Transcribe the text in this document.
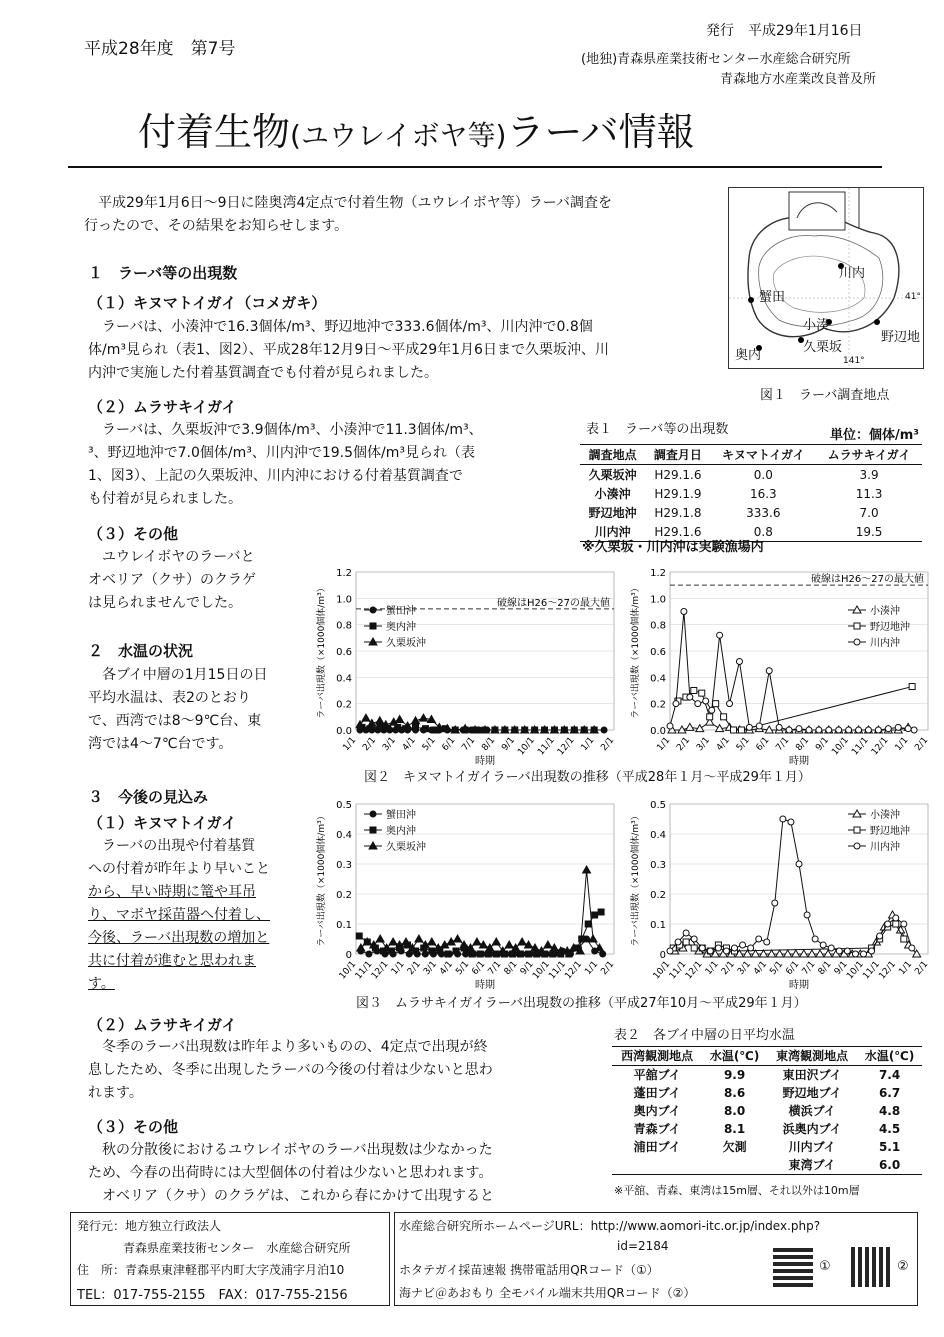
平成28年度　第7号
発行　平成29年1月16日
(地独)青森県産業技術センター水産総合研究所
青森地方水産業改良普及所
付着生物(ユウレイボヤ等)ラーバ情報
　平成29年1月6日～9日に陸奥湾4定点で付着生物（ユウレイボヤ等）ラーバ調査を
行ったので、その結果をお知らせします。
川内
蟹田
小湊
野辺地
奥内
久栗坂
41°
141°
図１　ラーバ調査地点
１　ラーバ等の出現数
（１）キヌマトイガイ（コメガキ）
　ラーバは、小湊沖で16.3個体/m³、野辺地沖で333.6個体/m³、川内沖で0.8個
体/m³見られ（表1、図2）、平成28年12月9日～平成29年1月6日まで久栗坂沖、川
内沖で実施した付着基質調査でも付着が見られました。
（２）ムラサキイガイ
　ラーバは、久栗坂沖で3.9個体/m³、小湊沖で11.3個体/m³、
³、野辺地沖で7.0個体/m³、川内沖で19.5個体/m³見られ（表
1、図3）、上記の久栗坂沖、川内沖における付着基質調査で
も付着が見られました。
（３）その他
　ユウレイボヤのラーバと
オベリア（クサ）のクラゲ
は見られませんでした。
表１　ラーバ等の出現数	単位：個体/m³
調査地点	調査月日	キヌマトイガイ	ムラサキイガイ
久栗坂沖	H29.1.6	0.0	3.9
小湊沖	H29.1.9	16.3	11.3
野辺地沖	H29.1.8	333.6	7.0
川内沖	H29.1.6	0.8	19.5
※久栗坂・川内沖は実験漁場内
２　水温の状況
　各ブイ中層の1月15日の日
平均水温は、表2のとおり
で、西湾では8～9℃台、東
湾では4～7℃台です。
0.0
0.2
0.4
0.6
0.8
1.0
1.2
1/1 2/1 3/1 4/1 5/1 6/1 7/1 8/1 9/1 10/1 11/1 12/1 1/1 2/1
時期
ラーバ出現数（×1000個体/m³）	破線はH26～27の最大値
蟹田沖
奥内沖
久栗坂沖
0.0
0.2
0.4
0.6
0.8
1.0
1.2
1/1 2/1 3/1 4/1 5/1 6/1 7/1 8/1 9/1 10/1 11/1 12/1 1/1 2/1
時期
ラーバ出現数（×1000個体/m³）
破線はH26～27の最大値
小湊沖
野辺地沖
川内沖
図２　キヌマトイガイラーバ出現数の推移（平成28年１月～平成29年１月）
0
0.1
0.2
0.3
0.4
0.5
10/1
11/1
12/1 1/1 2/1 3/1 4/1 5/1 6/1 7/1 8/1 9/1
10/1
11/1
12/1 1/1 2/1
時期
ラーバ出現数（×1000個体/m³）	蟹田沖
奥内沖
久栗坂沖
0
0.1
0.2
0.3
0.4
0.5
10/1
11/1
12/1 1/1 2/1 3/1 4/1 5/1 6/1 7/1 8/1 9/1
10/1
11/1
12/1 1/1 2/1
時期
ラーバ出現数（×1000個体/m³）	小湊沖
野辺地沖
川内沖
図３　ムラサキイガイラーバ出現数の推移（平成27年10月～平成29年１月）
３　今後の見込み
（１）キヌマトイガイ
　ラーバの出現や付着基質
への付着が昨年より早いこと
から、早い時期に篭や耳吊
り、マボヤ採苗器へ付着し、
今後、ラーバ出現数の増加と
共に付着が進むと思われま
す。
（２）ムラサキイガイ
　冬季のラーバ出現数は昨年より多いものの、4定点で出現が終
息したため、冬季に出現したラーバの今後の付着は少ないと思わ
れます。
（３）その他
　秋の分散後におけるユウレイボヤのラーバ出現数は少なかった
ため、今春の出荷時には大型個体の付着は少ないと思われます。
　オベリア（クサ）のクラゲは、これから春にかけて出現すると
表２　各ブイ中層の日平均水温
西湾観測地点	水温(℃)	東湾観測地点	水温(℃)
平舘ブイ	9.9	東田沢ブイ	7.4
蓬田ブイ	8.6	野辺地ブイ	6.7
奥内ブイ	8.0	横浜ブイ	4.8
青森ブイ	8.1	浜奥内ブイ	4.5
浦田ブイ	欠測	川内ブイ	5.1
		東湾ブイ	6.0
※平舘、青森、東湾は15m層、それ以外は10m層
発行元：地方独立行政法人
青森県産業技術センター　水産総合研究所
住　所：青森県東津軽郡平内町大字茂浦字月泊10
TEL：017-755-2155　FAX：017-755-2156
水産総合研究所ホームページURL：http://www.aomori-itc.or.jp/index.php?
id=2184
ホタテガイ採苗速報 携帯電話用QRコード（①）
海ナビ＠あおもり 全モバイル端末共用QRコード（②）
①	②
